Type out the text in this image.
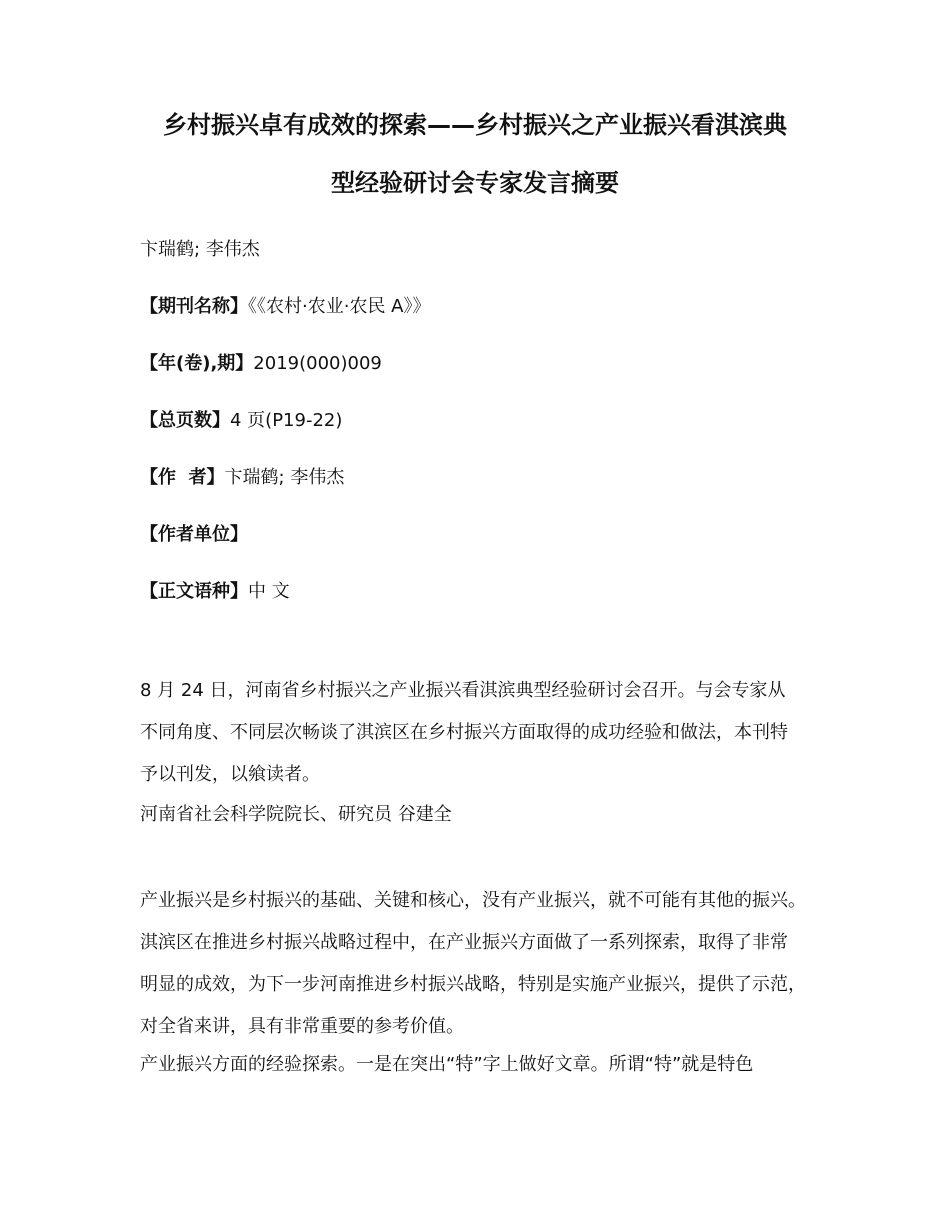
乡村振兴卓有成效的探索——乡村振兴之产业振兴看淇滨典
型经验研讨会专家发言摘要
卞瑞鹤; 李伟杰
【期刊名称】《《农村·农业·农民 A》》
【年(卷),期】2019(000)009
【总页数】4 页(P19-22)
【作  者】卞瑞鹤; 李伟杰
【作者单位】
【正文语种】中 文
8 月 24 日，河南省乡村振兴之产业振兴看淇滨典型经验研讨会召开。与会专家从
不同角度、不同层次畅谈了淇滨区在乡村振兴方面取得的成功经验和做法，本刊特
予以刊发，以飨读者。
河南省社会科学院院长、研究员 谷建全
产业振兴是乡村振兴的基础、关键和核心，没有产业振兴，就不可能有其他的振兴。
淇滨区在推进乡村振兴战略过程中，在产业振兴方面做了一系列探索，取得了非常
明显的成效，为下一步河南推进乡村振兴战略，特别是实施产业振兴，提供了示范，
对全省来讲，具有非常重要的参考价值。
产业振兴方面的经验探索。一是在突出“特”字上做好文章。所谓“特”就是特色
